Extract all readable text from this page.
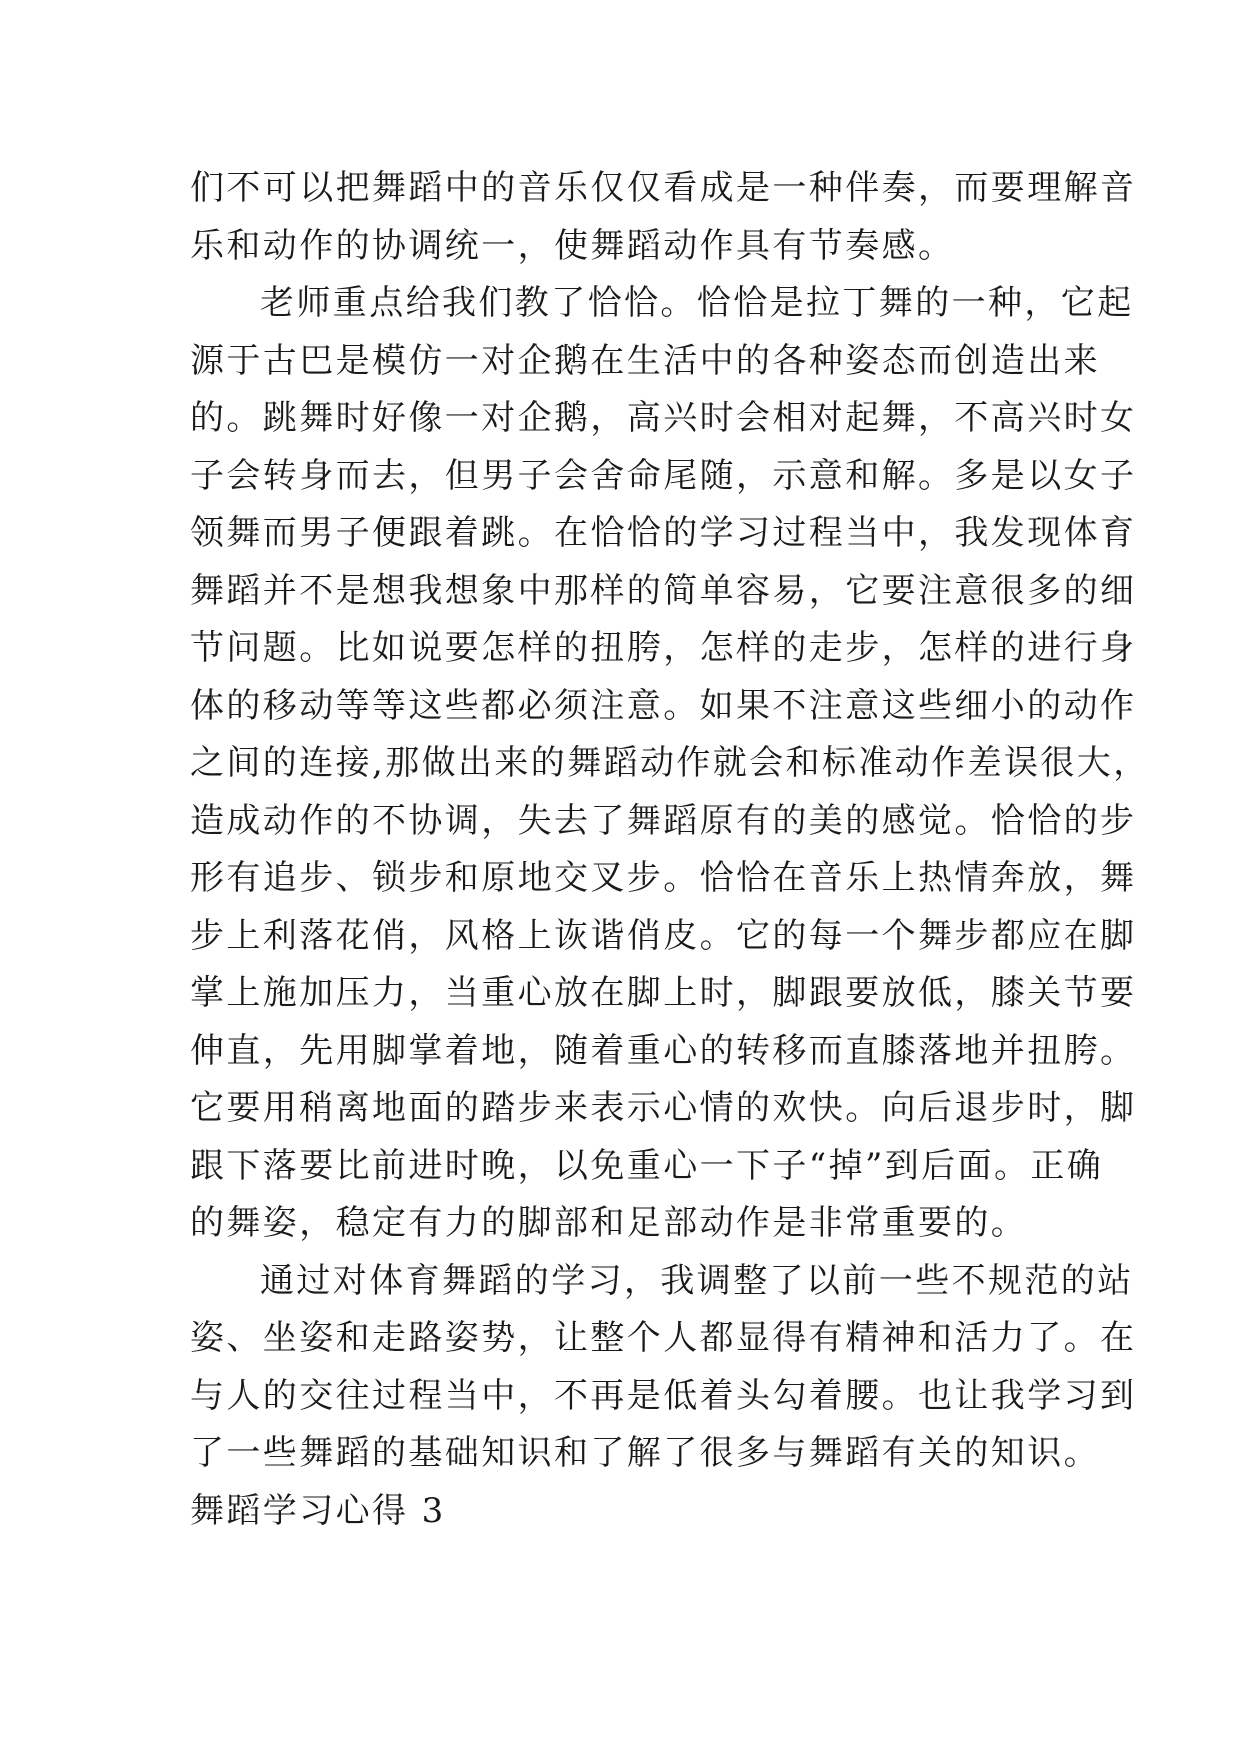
们不可以把舞蹈中的音乐仅仅看成是一种伴奏，而要理解音
乐和动作的协调统一，使舞蹈动作具有节奏感。
老师重点给我们教了恰恰。恰恰是拉丁舞的一种，它起
源于古巴是模仿一对企鹅在生活中的各种姿态而创造出来
的。跳舞时好像一对企鹅，高兴时会相对起舞，不高兴时女
子会转身而去，但男子会舍命尾随，示意和解。多是以女子
领舞而男子便跟着跳。在恰恰的学习过程当中，我发现体育
舞蹈并不是想我想象中那样的简单容易，它要注意很多的细
节问题。比如说要怎样的扭胯，怎样的走步，怎样的进行身
体的移动等等这些都必须注意。如果不注意这些细小的动作
之间的连接,那做出来的舞蹈动作就会和标准动作差误很大，
造成动作的不协调，失去了舞蹈原有的美的感觉。恰恰的步
形有追步、锁步和原地交叉步。恰恰在音乐上热情奔放，舞
步上利落花俏，风格上诙谐俏皮。它的每一个舞步都应在脚
掌上施加压力，当重心放在脚上时，脚跟要放低，膝关节要
伸直，先用脚掌着地，随着重心的转移而直膝落地并扭胯。
它要用稍离地面的踏步来表示心情的欢快。向后退步时，脚
跟下落要比前进时晚，以免重心一下子“掉”到后面。正确
的舞姿，稳定有力的脚部和足部动作是非常重要的。
通过对体育舞蹈的学习，我调整了以前一些不规范的站
姿、坐姿和走路姿势，让整个人都显得有精神和活力了。在
与人的交往过程当中，不再是低着头勾着腰。也让我学习到
了一些舞蹈的基础知识和了解了很多与舞蹈有关的知识。
舞蹈学习心得 3
